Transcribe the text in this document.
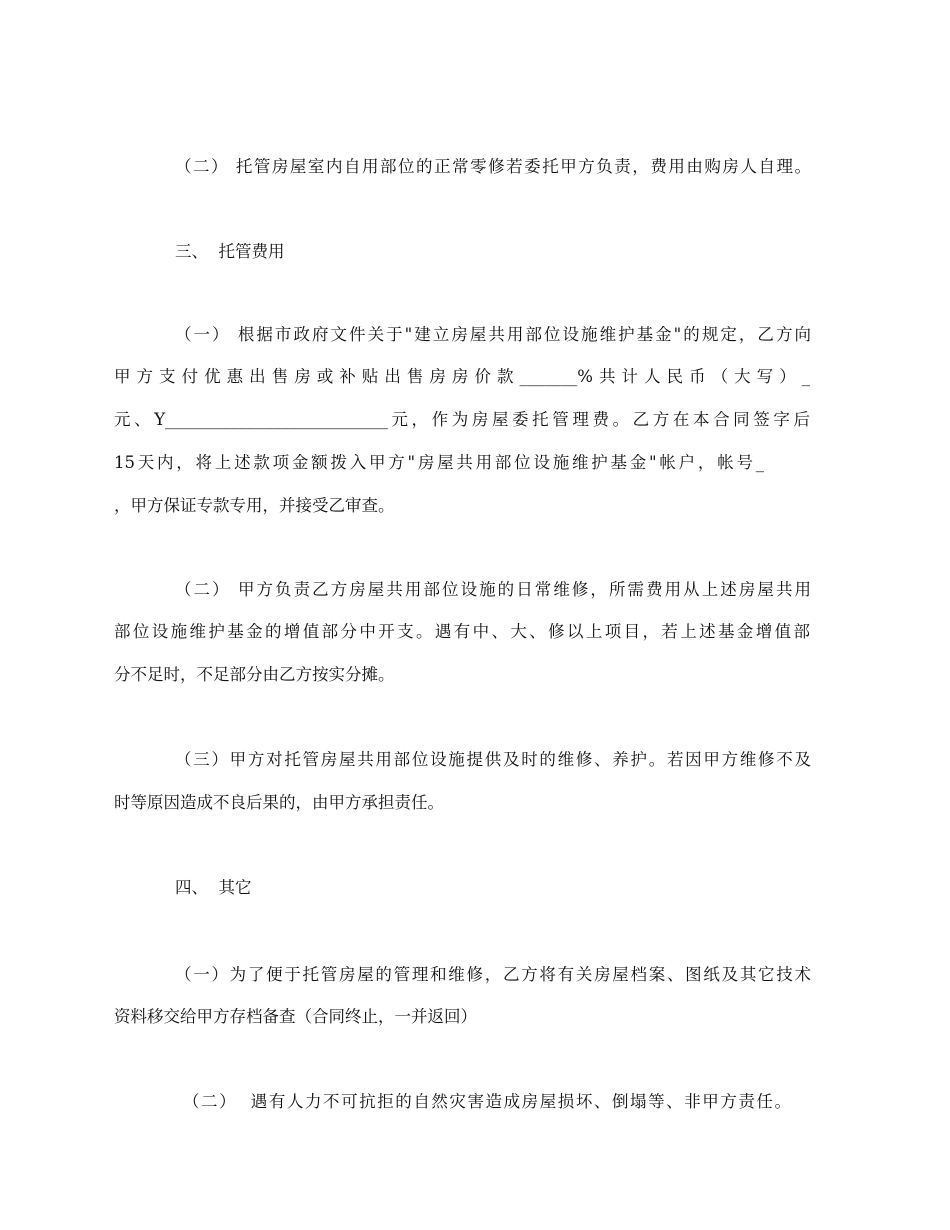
（二） 托管房屋室内自用部位的正常零修若委托甲方负责，费用由购房人自理。
三、  托管费用
（一） 根据市政府文件关于"建立房屋共用部位设施维护基金"的规定，乙方向
甲方支付优惠出售房或补贴出售房房价款_______%共计人民币（大写）_
元、Y___________________________元，作为房屋委托管理费。乙方在本合同签字后
15天内，将上述款项金额拨入甲方"房屋共用部位设施维护基金"帐户，帐号_
，甲方保证专款专用，并接受乙审查。
（二） 甲方负责乙方房屋共用部位设施的日常维修，所需费用从上述房屋共用
部位设施维护基金的增值部分中开支。遇有中、大、修以上项目，若上述基金增值部
分不足时，不足部分由乙方按实分摊。
（三）甲方对托管房屋共用部位设施提供及时的维修、养护。若因甲方维修不及
时等原因造成不良后果的，由甲方承担责任。
四、  其它
（一）为了便于托管房屋的管理和维修，乙方将有关房屋档案、图纸及其它技术
资料移交给甲方存档备查（合同终止，一并返回）
（二）  遇有人力不可抗拒的自然灾害造成房屋损坏、倒塌等、非甲方责任。
